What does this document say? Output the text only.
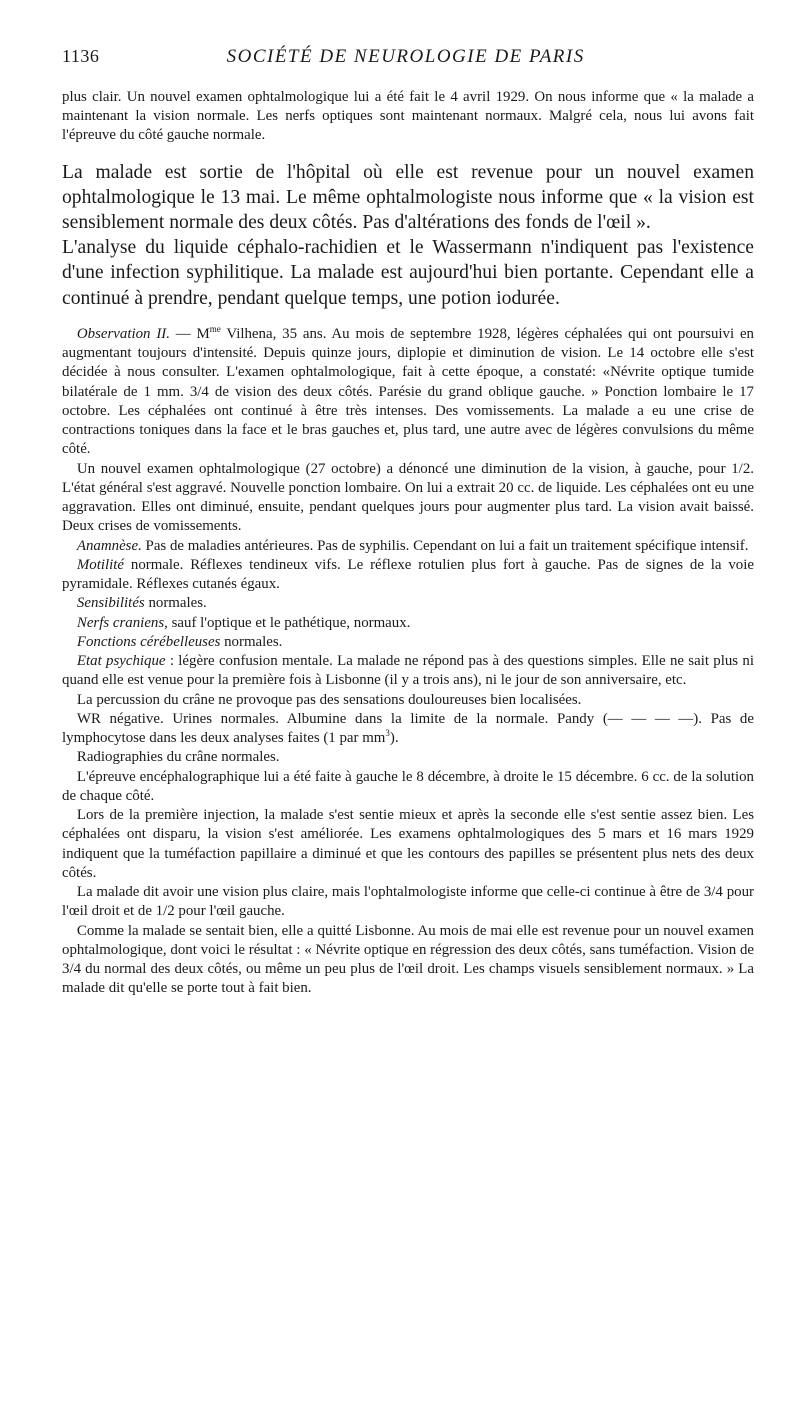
1136	SOCIÉTÉ DE NEUROLOGIE DE PARIS

plus clair. Un nouvel examen ophtalmologique lui a été fait le 4 avril 1929. On nous informe que « la malade a maintenant la vision normale. Les nerfs optiques sont maintenant normaux. Malgré cela, nous lui avons fait l'épreuve du côté gauche normale.

La malade est sortie de l'hôpital où elle est revenue pour un nouvel examen ophtalmologique le 13 mai. Le même ophtalmologiste nous informe que « la vision est sensiblement normale des deux côtés. Pas d'altérations des fonds de l'œil ».

L'analyse du liquide céphalo-rachidien et le Wassermann n'indiquent pas l'existence d'une infection syphilitique. La malade est aujourd'hui bien portante. Cependant elle a continué à prendre, pendant quelque temps, une potion iodurée.

 Observation II. — $M^{me}$ Vilhena, 35 ans. Au mois de septembre 1928, légères céphalées qui ont poursuivi en augmentant toujours d'intensité. Depuis quinze jours, diplopie et diminution de vision. Le 14 octobre elle s'est décidée à nous consulter. L'examen ophtalmologique, fait à cette époque, a constaté: «Névrite optique tumide bilatérale de 1 mm. 3/4 de vision des deux côtés. Parésie du grand oblique gauche. » Ponction lombaire le 17 octobre. Les céphalées ont continué à être très intenses. Des vomissements. La malade a eu une crise de contractions toniques dans la face et le bras gauches et, plus tard, une autre avec de légères convulsions du même côté.

 Un nouvel examen ophtalmologique (27 octobre) a dénoncé une diminution de la vision, à gauche, pour 1/2. L'état général s'est aggravé. Nouvelle ponction lombaire. On lui a extrait 20 cc. de liquide. Les céphalées ont eu une aggravation. Elles ont diminué, ensuite, pendant quelques jours pour augmenter plus tard. La vision avait baissé. Deux crises de vomissements.

 Anamnèse. Pas de maladies antérieures. Pas de syphilis. Cependant on lui a fait un traitement spécifique intensif.

 Motilité normale. Réflexes tendineux vifs. Le réflexe rotulien plus fort à gauche. Pas de signes de la voie pyramidale. Réflexes cutanés égaux.

 Sensibilités normales.

 Nerfs craniens, sauf l'optique et le pathétique, normaux.

 Fonctions cérébelleuses normales.

 Etat psychique : légère confusion mentale. La malade ne répond pas à des questions simples. Elle ne sait plus ni quand elle est venue pour la première fois à Lisbonne (il y a trois ans), ni le jour de son anniversaire, etc.

 La percussion du crâne ne provoque pas des sensations douloureuses bien localisées.

 WR négative. Urines normales. Albumine dans la limite de la normale. Pandy (— — — —). Pas de lymphocytose dans les deux analyses faites (1 par $mm^3$).

 Radiographies du crâne normales.

 L'épreuve encéphalographique lui a été faite à gauche le 8 décembre, à droite le 15 décembre. 6 cc. de la solution de chaque côté.

 Lors de la première injection, la malade s'est sentie mieux et après la seconde elle s'est sentie assez bien. Les céphalées ont disparu, la vision s'est améliorée. Les examens ophtalmologiques des 5 mars et 16 mars 1929 indiquent que la tuméfaction papillaire a diminué et que les contours des papilles se présentent plus nets des deux côtés.

 La malade dit avoir une vision plus claire, mais l'ophtalmologiste informe que celle-ci continue à être de 3/4 pour l'œil droit et de 1/2 pour l'œil gauche.

 Comme la malade se sentait bien, elle a quitté Lisbonne. Au mois de mai elle est revenue pour un nouvel examen ophtalmologique, dont voici le résultat : « Névrite optique en régression des deux côtés, sans tuméfaction. Vision de 3/4 du normal des deux côtés, ou même un peu plus de l'œil droit. Les champs visuels sensiblement normaux. » La malade dit qu'elle se porte tout à fait bien.
